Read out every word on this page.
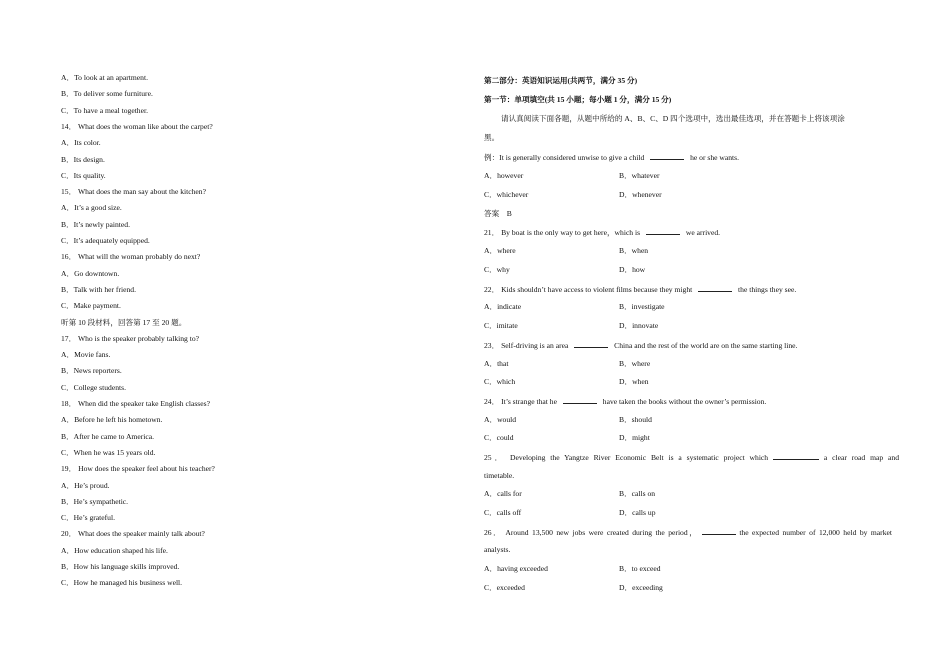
A．To look at an apartment.
B．To deliver some furniture.
C．To have a meal together.
14． What does the woman like about the carpet?
A．Its color.
B．Its design.
C．Its quality.
15． What does the man say about the kitchen?
A．It’s a good size.
B．It’s newly painted.
C．It’s adequately equipped.
16． What will the woman probably do next?
A．Go downtown.
B．Talk with her friend.
C．Make payment.
听第 10 段材料，回答第 17 至 20 题。
17． Who is the speaker probably talking to?
A．Movie fans.
B．News reporters.
C．College students.
18． When did the speaker take English classes?
A．Before he left his hometown.
B．After he came to America.
C．When he was 15 years old.
19． How does the speaker feel about his teacher?
A．He’s proud.
B．He’s sympathetic.
C．He’s grateful.
20． What does the speaker mainly talk about?
A．How education shaped his life.
B．How his language skills improved.
C．How he managed his business well.
第二部分：英语知识运用(共两节，满分 35 分)
第一节：单项填空(共 15 小题；每小题 1 分，满分 15 分)
请认真阅读下面各题，从题中所给的 A、B、C、D 四个选项中，选出最佳选项，并在答题卡上将该项涂
黑。
例：It is generally considered unwise to give a child	he or she wants.
A．however	B．whatever
C．whichever	D．whenever
答案　B
21． By boat is the only way to get here，which is	we arrived.
A．where	B．when
C．why	D．how
22． Kids shouldn’t have access to violent films because they might	the things they see.
A．indicate	B．investigate
C．imitate	D．innovate
23． Self-driving is an area	China and the rest of the world are on the same starting line.
A．that	B．where
C．which	D．when
24． It’s strange that he	have taken the books without the owner’s permission.
A．would	B．should
C．could	D．might
25． Developing the Yangtze River Economic Belt is a systematic project which	a clear road map and
timetable.
A．calls for	B．calls on
C．calls off	D．calls up
26． Around 13,500 new jobs were created during the period，	the expected number of 12,000 held by market
analysts.
A．having exceeded	B．to exceed
C．exceeded	D．exceeding
